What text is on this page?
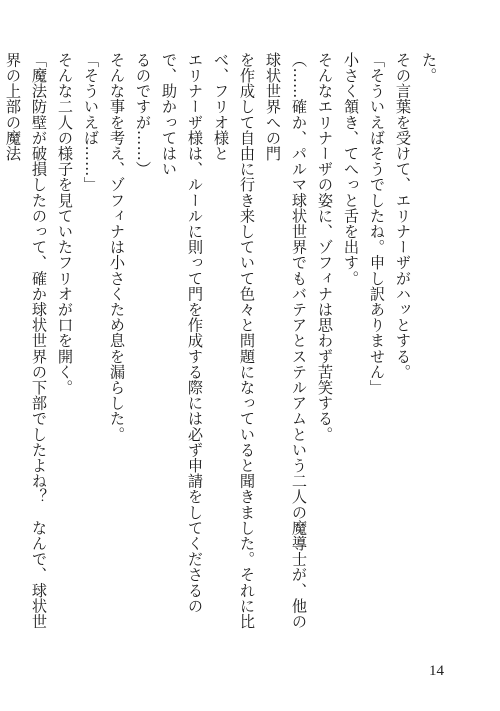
た。

その言葉を受けて、エリナーザがハッとする。

「そういえばそうでしたね。申し訳ありません」

小さく頷き、てへっと舌を出す。

そんなエリナーザの姿に、ゾフィナは思わず苦笑する。

（……確か、パルマ球状世界でもバテアとステルアムという二人の魔導士が、他の球状世界への門

を作成して自由に行き来していて色々と問題になっていると聞きました。それに比べ、フリオ様と

エリナーザ様は、ルールに則って門を作成する際には必ず申請をしてくださるので、助かってはい

るのですが……）

そんな事を考え、ゾフィナは小さくため息を漏らした。

「そういえば……」

そんな二人の様子を見ていたフリオが口を開く。

「魔法防壁が破損したのって、確か球状世界の下部でしたよね？　なんで、球状世界の上部の魔法

14
